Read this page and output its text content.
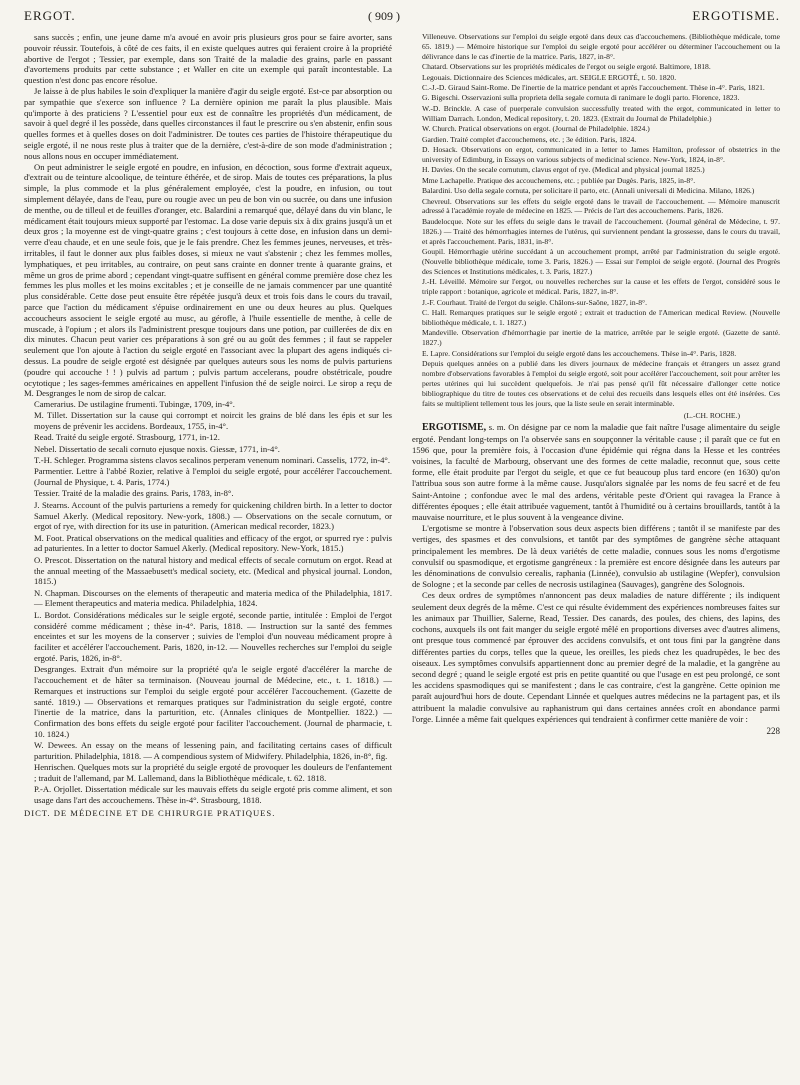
ERGOT.	( 909 )	ERGOTISME.

sans succès ; enfin, une jeune dame m'a avoué en avoir pris plusieurs gros pour se faire avorter, sans pouvoir réussir. Toutefois, à côté de ces faits, il en existe quelques autres qui feraient croire à la propriété abortive de l'ergot ; Tessier, par exemple, dans son Traité de la maladie des grains, parle en passant d'avortemens produits par cette substance ; et Waller en cite un exemple qui paraît incontestable. La question n'est donc pas encore résolue.

Je laisse à de plus habiles le soin d'expliquer la manière d'agir du seigle ergoté. Est-ce par absorption ou par sympathie que s'exerce son influence ? La dernière opinion me paraît la plus plausible. Mais qu'importe à des praticiens ? L'essentiel pour eux est de connaître les propriétés d'un médicament, de savoir à quel degré il les possède, dans quelles circonstances il faut le prescrire ou s'en abstenir, enfin sous quelles formes et à quelles doses on doit l'administrer. De toutes ces parties de l'histoire thérapeutique du seigle ergoté, il ne nous reste plus à traiter que de la dernière, c'est-à-dire de son mode d'administration ; nous allons nous en occuper immédiatement.

On peut administrer le seigle ergoté en poudre, en infusion, en décoction, sous forme d'extrait aqueux, d'extrait ou de teinture alcoolique, de teinture éthérée, et de sirop. Mais de toutes ces préparations, la plus simple, la plus commode et la plus généralement employée, c'est la poudre, en infusion, ou tout simplement délayée, dans de l'eau, pure ou rougie avec un peu de bon vin ou sucrée, ou dans une infusion de menthe, ou de tilleul et de feuilles d'oranger, etc. Balardini a remarqué que, délayé dans du vin blanc, le médicament était toujours mieux supporté par l'estomac. La dose varie depuis six à dix grains jusqu'à un et deux gros ; la moyenne est de vingt-quatre grains ; c'est toujours à cette dose, en infusion dans un demi-verre d'eau chaude, et en une seule fois, que je le fais prendre. Chez les femmes jeunes, nerveuses, et très-irritables, il faut le donner aux plus faibles doses, si mieux ne vaut s'abstenir ; chez les femmes molles, lymphatiques, et peu irritables, au contraire, on peut sans crainte en donner trente à quarante grains, et même un gros de prime abord ; cependant vingt-quatre suffisent en général comme première dose chez les femmes les plus molles et les moins excitables ; et je conseille de ne jamais commencer par une quantité plus considérable. Cette dose peut ensuite être répétée jusqu'à deux et trois fois dans le cours du travail, parce que l'action du médicament s'épuise ordinairement en une ou deux heures au plus. Quelques accoucheurs associent le seigle ergoté au musc, au gérofle, à l'huile essentielle de menthe, à celle de muscade, à l'opium ; et alors ils l'administrent presque toujours dans une potion, par cuillerées de dix en dix minutes. Chacun peut varier ces préparations à son gré ou au goût des femmes ; il faut se rappeler seulement que l'on ajoute à l'action du seigle ergoté en l'associant avec la plupart des agens indiqués ci-dessus. La poudre de seigle ergoté est désignée par quelques auteurs sous les noms de pulvis parturiens (poudre qui accouche ! ! ) pulvis ad partum ; pulvis partum accelerans, poudre obstétricale, poudre ocytotique ; les sages-femmes américaines en appellent l'infusion thé de seigle noirci. Le sirop a reçu de M. Desgranges le nom de sirop de calcar.

Camerarius. De ustilagine frumenti. Tubingæ, 1709, in-4°.

M. Tillet. Dissertation sur la cause qui corrompt et noircit les grains de blé dans les épis et sur les moyens de prévenir les accidens. Bordeaux, 1755, in-4°.

Read. Traité du seigle ergoté. Strasbourg, 1771, in-12.

Nebel. Dissertatio de secali cornuto ejusque noxis. Giessæ, 1771, in-4°.

T.-H. Schleger. Programma sistens clavos secalinos perperam venenum nominari. Casselis, 1772, in-4°.

Parmentier. Lettre à l'abbé Rozier, relative à l'emploi du seigle ergoté, pour accélérer l'accouchement. (Journal de Physique, t. 4. Paris, 1774.)

Tessier. Traité de la maladie des grains. Paris, 1783, in-8°.

J. Stearns. Account of the pulvis parturiens a remedy for quickening children birth. In a letter to doctor Samuel Akerly. (Medical repository. New-york, 1808.) — Observations on the secale cornutum, or ergot of rye, with direction for its use in paturition. (American medical recorder, 1823.)

M. Foot. Pratical observations on the medical qualities and efficacy of the ergot, or spurred rye : pulvis ad paturientes. In a letter to doctor Samuel Akerly. (Medical repository. New-York, 1815.)

O. Prescot. Dissertation on the natural history and medical effects of secale cornutum on ergot. Read at the annual meeting of the Massaebusett's medical society, etc. (Medical and physical journal. London, 1815.)

N. Chapman. Discourses on the elements of therapeutic and materia medica of the Philadelphia, 1817. — Element therapeutics and materia medica. Philadelphia, 1824.

L. Bordot. Considérations médicales sur le seigle ergoté, seconde partie, intitulée : Emploi de l'ergot considéré comme médicament ; thèse in-4°. Paris, 1818. — Instruction sur la santé des femmes enceintes et sur les moyens de la conserver ; suivies de l'emploi d'un nouveau médicament propre à faciliter et accélérer l'accouchement. Paris, 1820, in-12. — Nouvelles recherches sur l'emploi du seigle ergoté. Paris, 1826, in-8°.

Desgranges. Extrait d'un mémoire sur la propriété qu'a le seigle ergoté d'accélérer la marche de l'accouchement et de hâter sa terminaison. (Nouveau journal de Médecine, etc., t. 1. 1818.) — Remarques et instructions sur l'emploi du seigle ergoté pour accélérer l'accouchement. (Gazette de santé. 1819.) — Observations et remarques pratiques sur l'administration du seigle ergoté, contre l'inertie de la matrice, dans la parturition, etc. (Annales cliniques de Montpellier. 1822.) — Confirmation des bons effets du seigle ergoté pour faciliter l'accouchement. (Journal de pharmacie, t. 10. 1824.)

W. Dewees. An essay on the means of lessening pain, and facilitating certains cases of difficult parturition. Philadelphia, 1818. — A compendious system of Midwifery. Philadelphia, 1826, in-8°, fig.

Henrischen. Quelques mots sur la propriété du seigle ergoté de provoquer les douleurs de l'enfantement ; traduit de l'allemand, par M. Lallemand, dans la Bibliothèque médicale, t. 62. 1818.

P.-A. Orjollet. Dissertation médicale sur les mauvais effets du seigle ergoté pris comme aliment, et son usage dans l'art des accouchemens. Thèse in-4°. Strasbourg, 1818.

DICT. DE MÉDECINE ET DE CHIRURGIE PRATIQUES.

Villeneuve. Observations sur l'emploi du seigle ergoté dans deux cas d'accouchemens. (Bibliothèque médicale, tome 65. 1819.) — Mémoire historique sur l'emploi du seigle ergoté pour accélérer ou déterminer l'accouchement ou la délivrance dans le cas d'inertie de la matrice. Paris, 1827, in-8°.

Chatard. Observations sur les propriétés médicales de l'ergot ou seigle ergoté. Baltimore, 1818.

Legouais. Dictionnaire des Sciences médicales, art. SEIGLE ERGOTÉ, t. 50. 1820.

C.-J.-D. Giraud Saint-Rome. De l'inertie de la matrice pendant et après l'accouchement. Thèse in-4°. Paris, 1821.

G. Bigeschi. Osservazioni sulla proprieta della segale cornuta di ranimare le dogli parto. Florence, 1823.

W.-D. Brinckle. A case of puerperale convulsion successfully treated with the ergot, communicated in letter to William Darrach. London, Medical repository, t. 20. 1823. (Extrait du Journal de Philadelphie.)

W. Church. Pratical observations on ergot. (Journal de Philadelphie. 1824.)

Gardien. Traité complet d'accouchemens, etc. ; 3e édition. Paris, 1824.

D. Hosack. Observations on ergot, communicated in a letter to James Hamilton, professor of obstetrics in the university of Edimburg, in Essays on various subjects of medicinal science. New-York, 1824, in-8°.

H. Davies. On the secale cornutum, clavus ergot of rye. (Medical and physical journal 1825.)

Mme Lachapelle. Pratique des accouchemens, etc. ; publiée par Dugès. Paris, 1825, in-8°.

Balardini. Uso della segale cornuta, per solicitare il parto, etc. (Annali universali di Medicina. Milano, 1826.)

Chevreul. Observations sur les effets du seigle ergoté dans le travail de l'accouchement. — Mémoire manuscrit adressé à l'académie royale de médecine en 1825. — Précis de l'art des accouchemens. Paris, 1826.

Baudelocque. Note sur les effets du seigle dans le travail de l'accouchement. (Journal général de Médecine, t. 97. 1826.) — Traité des hémorrhagies internes de l'utérus, qui surviennent pendant la grossesse, dans le cours du travail, et après l'accouchement. Paris, 1831, in-8°.

Goupil. Hémorrhagie utérine succédant à un accouchement prompt, arrêté par l'administration du seigle ergoté. (Nouvelle bibliothèque médicale, tome 3. Paris, 1826.) — Essai sur l'emploi de seigle ergoté. (Journal des Progrès des Sciences et Institutions médicales, t. 3. Paris, 1827.)

J.-H. Léveillé. Mémoire sur l'ergot, ou nouvelles recherches sur la cause et les effets de l'ergot, considéré sous le triple rapport : botanique, agricole et médical. Paris, 1827, in-8°.

J.-F. Courhaut. Traité de l'ergot du seigle. Châlons-sur-Saône, 1827, in-8°.

C. Hall. Remarques pratiques sur le seigle ergoté ; extrait et traduction de l'American medical Review. (Nouvelle bibliothèque médicale, t. 1. 1827.)

Mandeville. Observation d'hémorrhagie par inertie de la matrice, arrêtée par le seigle ergoté. (Gazette de santé. 1827.)

E. Lapre. Considérations sur l'emploi du seigle ergoté dans les accouchemens. Thèse in-4°. Paris, 1828.

Depuis quelques années on a publié dans les divers journaux de médecine français et étrangers un assez grand nombre d'observations favorables à l'emploi du seigle ergoté, soit pour accélérer l'accouchement, soit pour arrêter les pertes utérines qui lui succèdent quelquefois. Je n'ai pas pensé qu'il fût nécessaire d'allonger cette notice bibliographique du titre de toutes ces observations et de celui des recueils dans lesquels elles ont été insérées. Ces faits se multiplient tellement tous les jours, que la liste seule en serait interminable.

(L.-CH. ROCHE.)

ERGOTISME, s. m. On désigne par ce nom la maladie que fait naître l'usage alimentaire du seigle ergoté. Pendant long-temps on l'a observée sans en soupçonner la véritable cause ; il paraît que ce fut en 1596 que, pour la première fois, à l'occasion d'une épidémie qui régna dans la Hesse et les contrées voisines, la faculté de Marbourg, observant une des formes de cette maladie, reconnut que, sous cette forme, elle était produite par l'ergot du seigle, et que ce fut beaucoup plus tard encore (en 1630) qu'on l'attribua sous son autre forme à la même cause. Jusqu'alors signalée par les noms de feu sacré et de feu Saint-Antoine ; confondue avec le mal des ardens, véritable peste d'Orient qui ravagea la France à différentes époques ; elle était attribuée vaguement, tantôt à l'humidité ou à certains brouillards, tantôt à la mauvaise nourriture, et le plus souvent à la vengeance divine.

L'ergotisme se montre à l'observation sous deux aspects bien différens ; tantôt il se manifeste par des vertiges, des spasmes et des convulsions, et tantôt par des symptômes de gangrène sèche attaquant principalement les membres. De là deux variétés de cette maladie, connues sous les noms d'ergotisme convulsif ou spasmodique, et ergotisme gangréneux : la première est encore désignée dans les auteurs par les dénominations de convulsio cerealis, raphania (Linnée), convulsio ab ustilagine (Wepfer), convulsion de Sologne ; et la seconde par celles de necrosis ustilaginea (Sauvages), gangrène des Solognois.

Ces deux ordres de symptômes n'annoncent pas deux maladies de nature différente ; ils indiquent seulement deux degrés de la même. C'est ce qui résulte évidemment des expériences nombreuses faites sur les animaux par Thuillier, Salerne, Read, Tessier. Des canards, des poules, des chiens, des lapins, des cochons, auxquels ils ont fait manger du seigle ergoté mêlé en proportions diverses avec d'autres alimens, ont presque tous commencé par éprouver des accidens convulsifs, et ont tous fini par la gangrène dans différentes parties du corps, telles que la queue, les oreilles, les pieds chez les quadrupèdes, le bec des oiseaux. Les symptômes convulsifs appartiennent donc au premier degré de la maladie, et la gangrène au second degré ; quand le seigle ergoté est pris en petite quantité ou que l'usage en est peu prolongé, ce sont les accidens spasmodiques qui se manifestent ; dans le cas contraire, c'est la gangrène. Cette opinion me paraît aujourd'hui hors de doute. Cependant Linnée et quelques autres médecins ne la partagent pas, et ils attribuent la maladie convulsive au raphanistrum qui dans certaines années croît en abondance parmi l'orge. Linnée a même fait quelques expériences qui tendraient à confirmer cette manière de voir :

228
